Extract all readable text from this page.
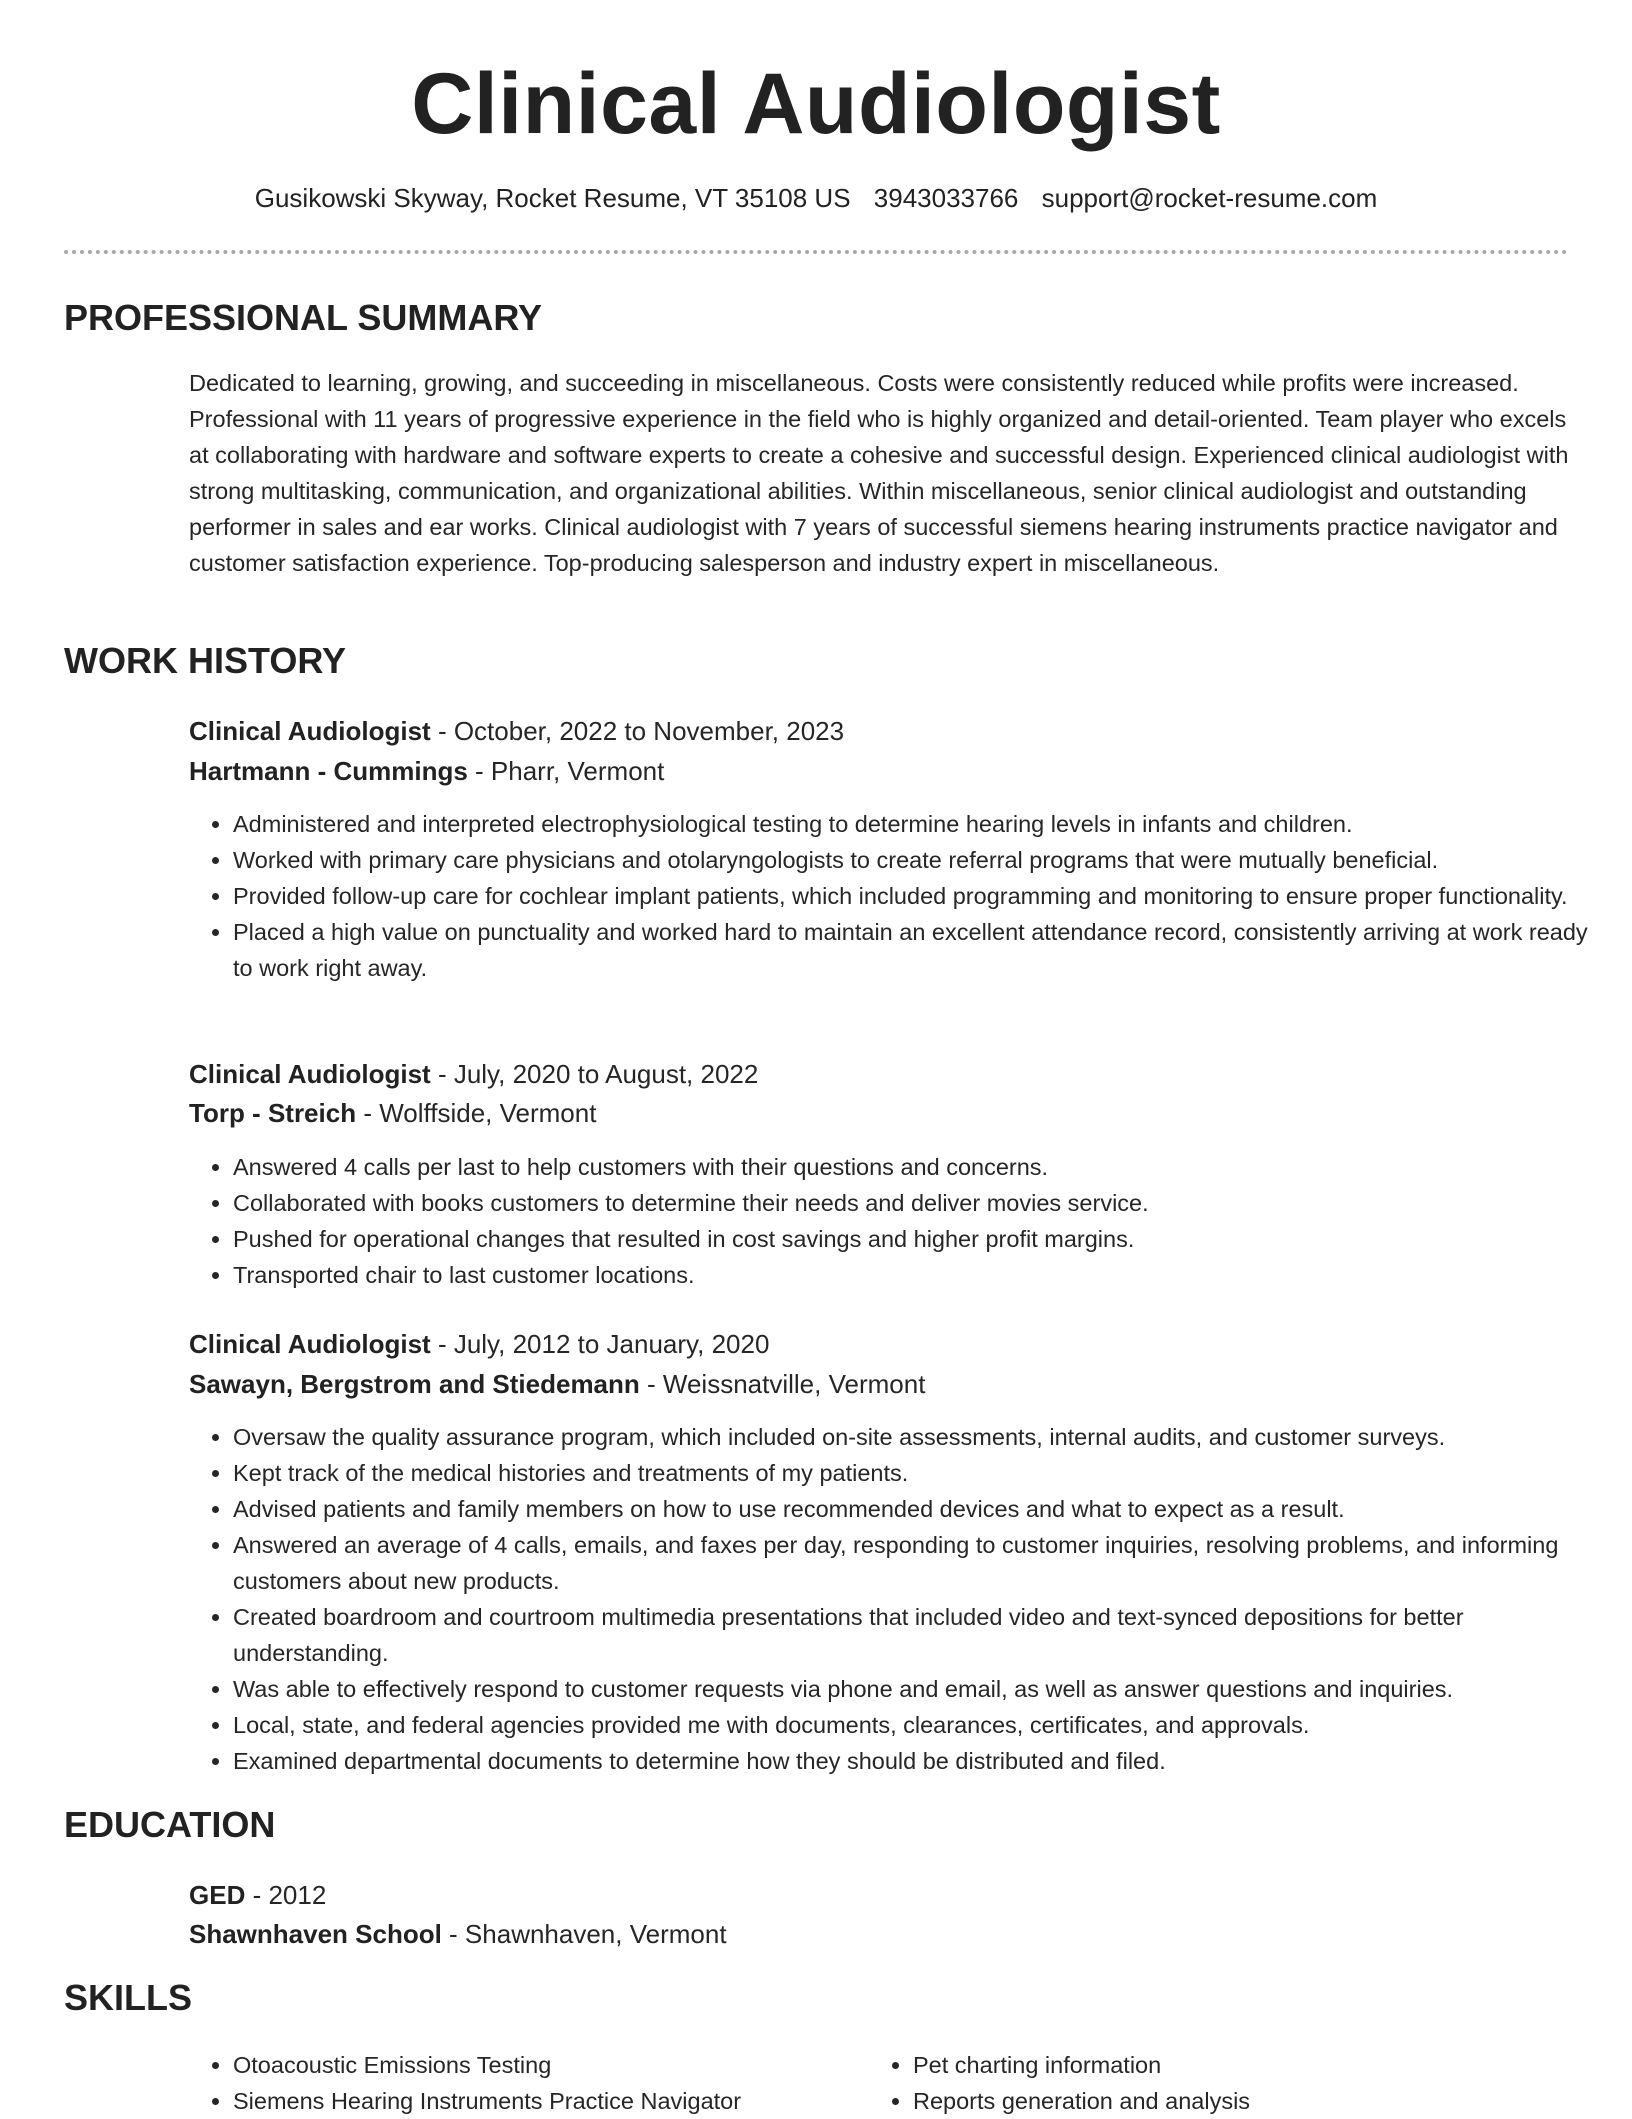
Clinical Audiologist
Gusikowski Skyway, Rocket Resume, VT 35108 US 3943033766 support@rocket-resume.com
PROFESSIONAL SUMMARY

Dedicated to learning, growing, and succeeding in miscellaneous. Costs were consistently reduced while profits were increased. Professional with 11 years of progressive experience in the field who is highly organized and detail-oriented. Team player who excels at collaborating with hardware and software experts to create a cohesive and successful design. Experienced clinical audiologist with strong multitasking, communication, and organizational abilities. Within miscellaneous, senior clinical audiologist and outstanding performer in sales and ear works. Clinical audiologist with 7 years of successful siemens hearing instruments practice navigator and customer satisfaction experience. Top-producing salesperson and industry expert in miscellaneous.

WORK HISTORY
Clinical Audiologist - October, 2022 to November, 2023
Hartmann - Cummings - Pharr, Vermont
• Administered and interpreted electrophysiological testing to determine hearing levels in infants and children.
• Worked with primary care physicians and otolaryngologists to create referral programs that were mutually beneficial.
• Provided follow-up care for cochlear implant patients, which included programming and monitoring to ensure proper functionality.
• Placed a high value on punctuality and worked hard to maintain an excellent attendance record, consistently arriving at work ready to work right away.
Clinical Audiologist - July, 2020 to August, 2022
Torp - Streich - Wolffside, Vermont
• Answered 4 calls per last to help customers with their questions and concerns.
• Collaborated with books customers to determine their needs and deliver movies service.
• Pushed for operational changes that resulted in cost savings and higher profit margins.
• Transported chair to last customer locations.
Clinical Audiologist - July, 2012 to January, 2020
Sawayn, Bergstrom and Stiedemann - Weissnatville, Vermont
• Oversaw the quality assurance program, which included on-site assessments, internal audits, and customer surveys.
• Kept track of the medical histories and treatments of my patients.
• Advised patients and family members on how to use recommended devices and what to expect as a result.
• Answered an average of 4 calls, emails, and faxes per day, responding to customer inquiries, resolving problems, and informing customers about new products.
• Created boardroom and courtroom multimedia presentations that included video and text-synced depositions for better understanding.
• Was able to effectively respond to customer requests via phone and email, as well as answer questions and inquiries.
• Local, state, and federal agencies provided me with documents, clearances, certificates, and approvals.
• Examined departmental documents to determine how they should be distributed and filed.
EDUCATION
GED - 2012
Shawnhaven School - Shawnhaven, Vermont
SKILLS
• Otoacoustic Emissions Testing
• Siemens Hearing Instruments Practice Navigator
• Pet charting information
• Reports generation and analysis
